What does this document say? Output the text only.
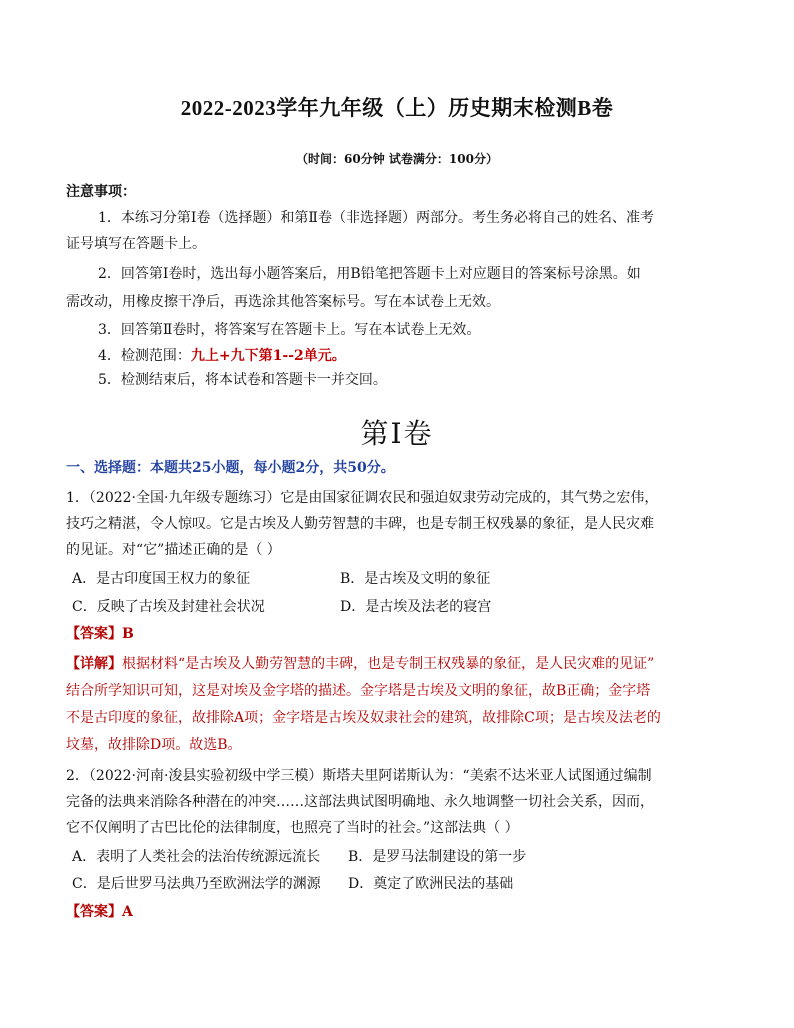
2022-2023学年九年级（上）历史期末检测B卷
（时间：60分钟 试卷满分：100分）
注意事项：
1．本练习分第Ⅰ卷（选择题）和第Ⅱ卷（非选择题）两部分。考生务必将自己的姓名、准考
证号填写在答题卡上。
2．回答第Ⅰ卷时，选出每小题答案后，用B铅笔把答题卡上对应题目的答案标号涂黑。如
需改动，用橡皮擦干净后，再选涂其他答案标号。写在本试卷上无效。
3．回答第Ⅱ卷时，将答案写在答题卡上。写在本试卷上无效。
4．检测范围：九上+九下第1--2单元。
5．检测结束后，将本试卷和答题卡一并交回。
第Ⅰ卷
一、选择题：本题共25小题，每小题2分，共50分。
1．（2022·全国·九年级专题练习）它是由国家征调农民和强迫奴隶劳动完成的，其气势之宏伟，
技巧之精湛，令人惊叹。它是古埃及人勤劳智慧的丰碑，也是专制王权残暴的象征，是人民灾难
的见证。对“它”描述正确的是（ ）
A．是古印度国王权力的象征	B．是古埃及文明的象征
C．反映了古埃及封建社会状况	D．是古埃及法老的寝宫
【答案】B
【详解】根据材料“是古埃及人勤劳智慧的丰碑，也是专制王权残暴的象征，是人民灾难的见证”
结合所学知识可知，这是对埃及金字塔的描述。金字塔是古埃及文明的象征，故B正确；金字塔
不是古印度的象征，故排除A项；金字塔是古埃及奴隶社会的建筑，故排除C项；是古埃及法老的
坟墓，故排除D项。故选B。
2．（2022·河南·浚县实验初级中学三模）斯塔夫里阿诺斯认为：“美索不达米亚人试图通过编制
完备的法典来消除各种潜在的冲突……这部法典试图明确地、永久地调整一切社会关系，因而，
它不仅阐明了古巴比伦的法律制度，也照亮了当时的社会。”这部法典（ ）
A．表明了人类社会的法治传统源远流长 B．是罗马法制建设的第一步
C．是后世罗马法典乃至欧洲法学的渊源 D．奠定了欧洲民法的基础
【答案】A
